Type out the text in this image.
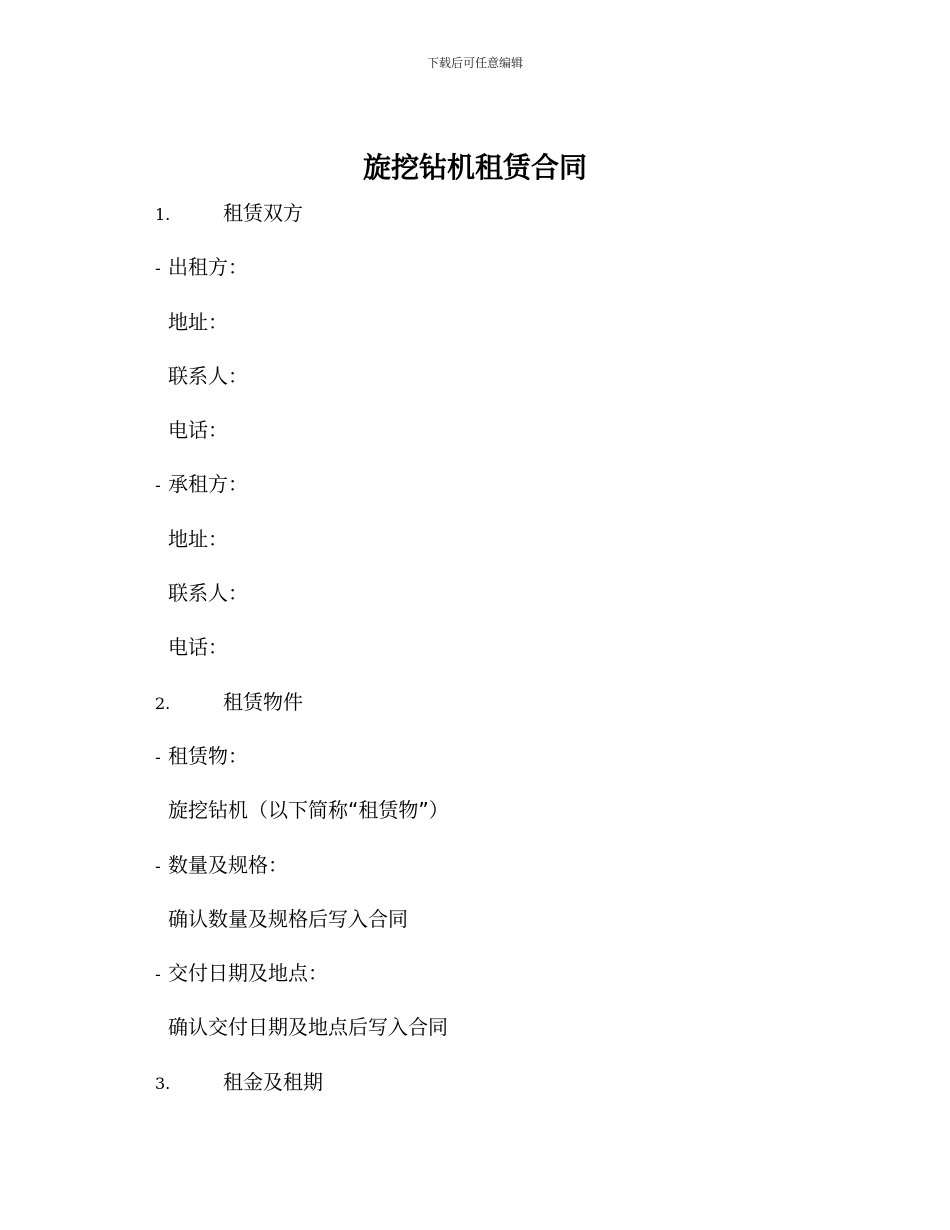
下载后可任意编辑
旋挖钻机租赁合同
1.	租赁双方
- 出租方：
地址：
联系人：
电话：
- 承租方：
地址：
联系人：
电话：
2.	租赁物件
- 租赁物：
旋挖钻机（以下简称“租赁物”）
- 数量及规格：
确认数量及规格后写入合同
- 交付日期及地点：
确认交付日期及地点后写入合同
3.	租金及租期
